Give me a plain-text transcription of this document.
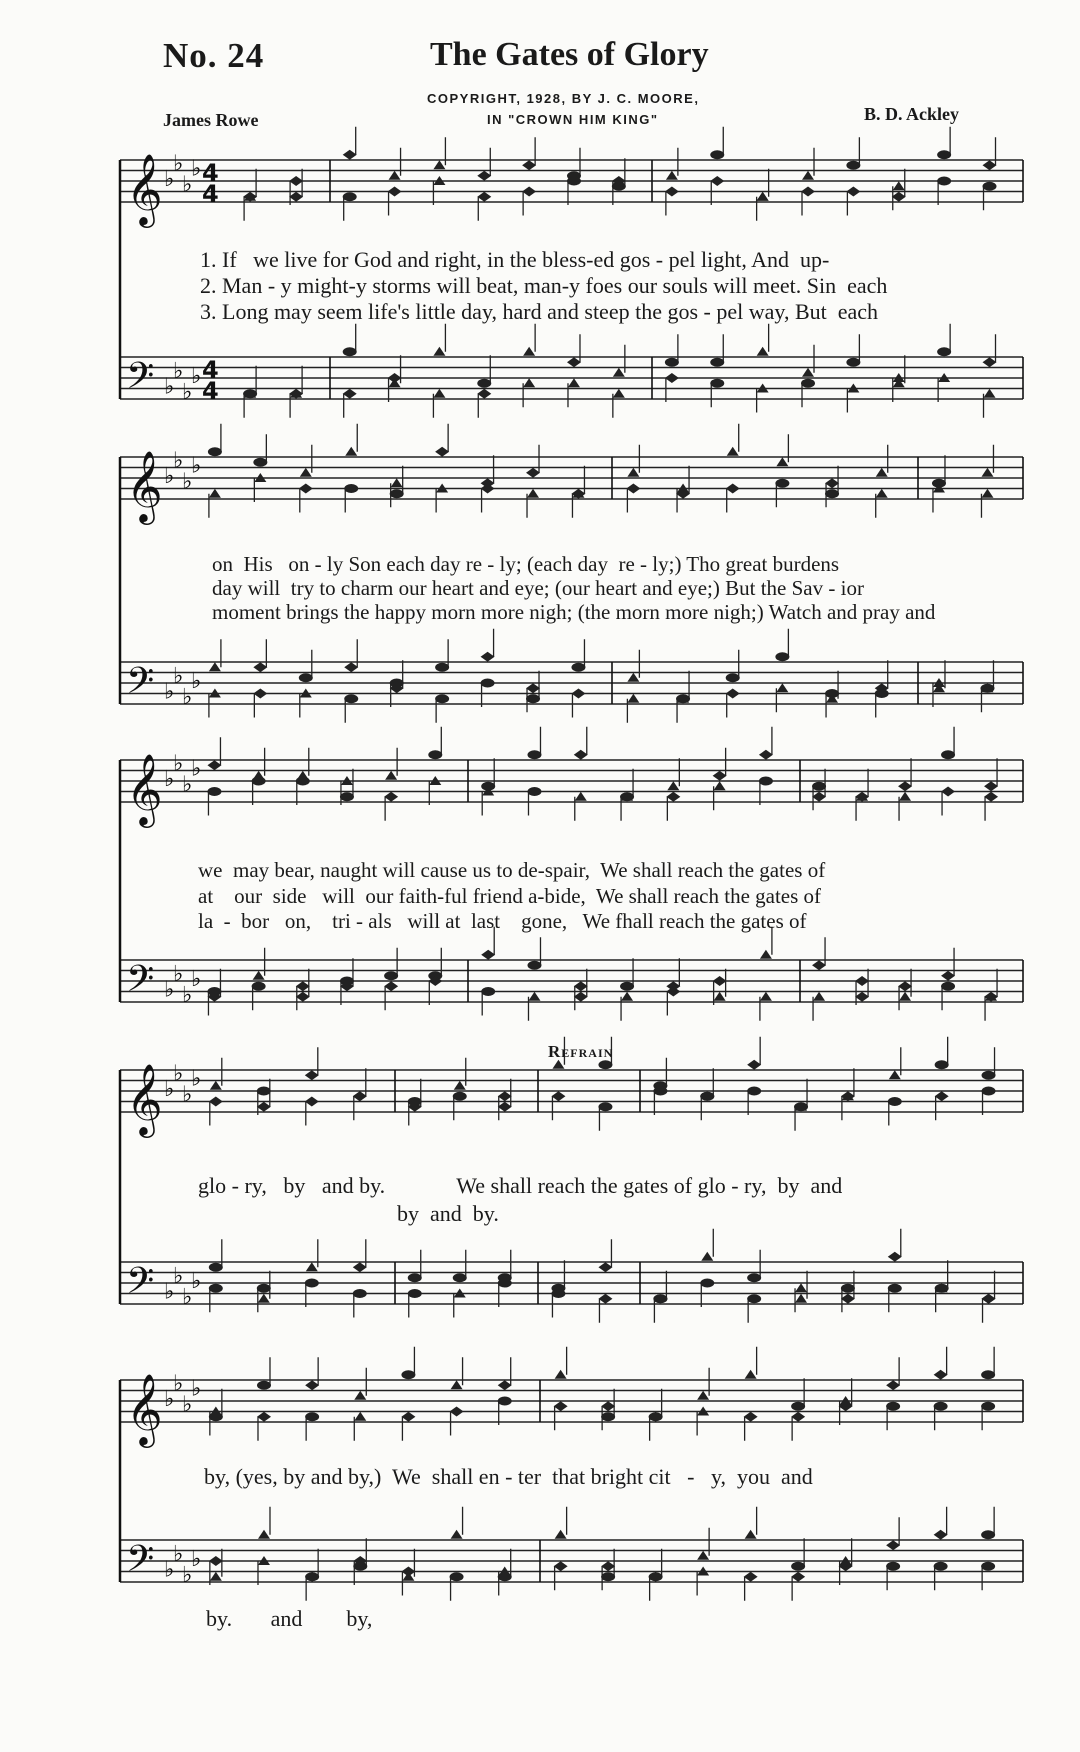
No. 24	The Gates of Glory
COPYRIGHT, 1928, BY J. C. MOORE,
IN "CROWN HIM KING"
James Rowe	B. D. Ackley
𝄞 ♭
♭
♭
♭
𝄢 ♭
♭
♭
♭
𝄞 ♭
♭
♭
♭
𝄢 ♭
♭
♭
♭
𝄞 ♭
♭
♭
♭
𝄢 ♭
♭
♭
♭
𝄞 ♭
♭
♭
♭
𝄢 ♭
♭
♭
♭
𝄞 ♭
♭
♭
♭
𝄢 ♭
♭
♭
♭
4
4
4
4
1. If   we live for God and right, in the bless-ed gos - pel light, And  up-
2. Man - y might-y storms will beat, man-y foes our souls will meet. Sin  each
3. Long may seem life's little day, hard and steep the gos - pel way, But  each
on  His   on - ly Son each day re - ly; (each day  re - ly;) Tho great burdens
day will  try to charm our heart and eye; (our heart and eye;) But the Sav - ior
moment brings the happy morn more nigh; (the morn more nigh;) Watch and pray and
we  may bear, naught will cause us to de-spair,  We shall reach the gates of
at    our  side   will  our faith-ful friend a-bide,  We shall reach the gates of
la  -  bor   on,    tri - als   will at  last    gone,   We fhall reach the gates of
Refrain
glo - ry,   by   and by.             We shall reach the gates of glo - ry,  by  and
by  and  by.
by, (yes, by and by,)  We  shall en - ter  that bright cit   -   y,  you  and
by.       and        by,
